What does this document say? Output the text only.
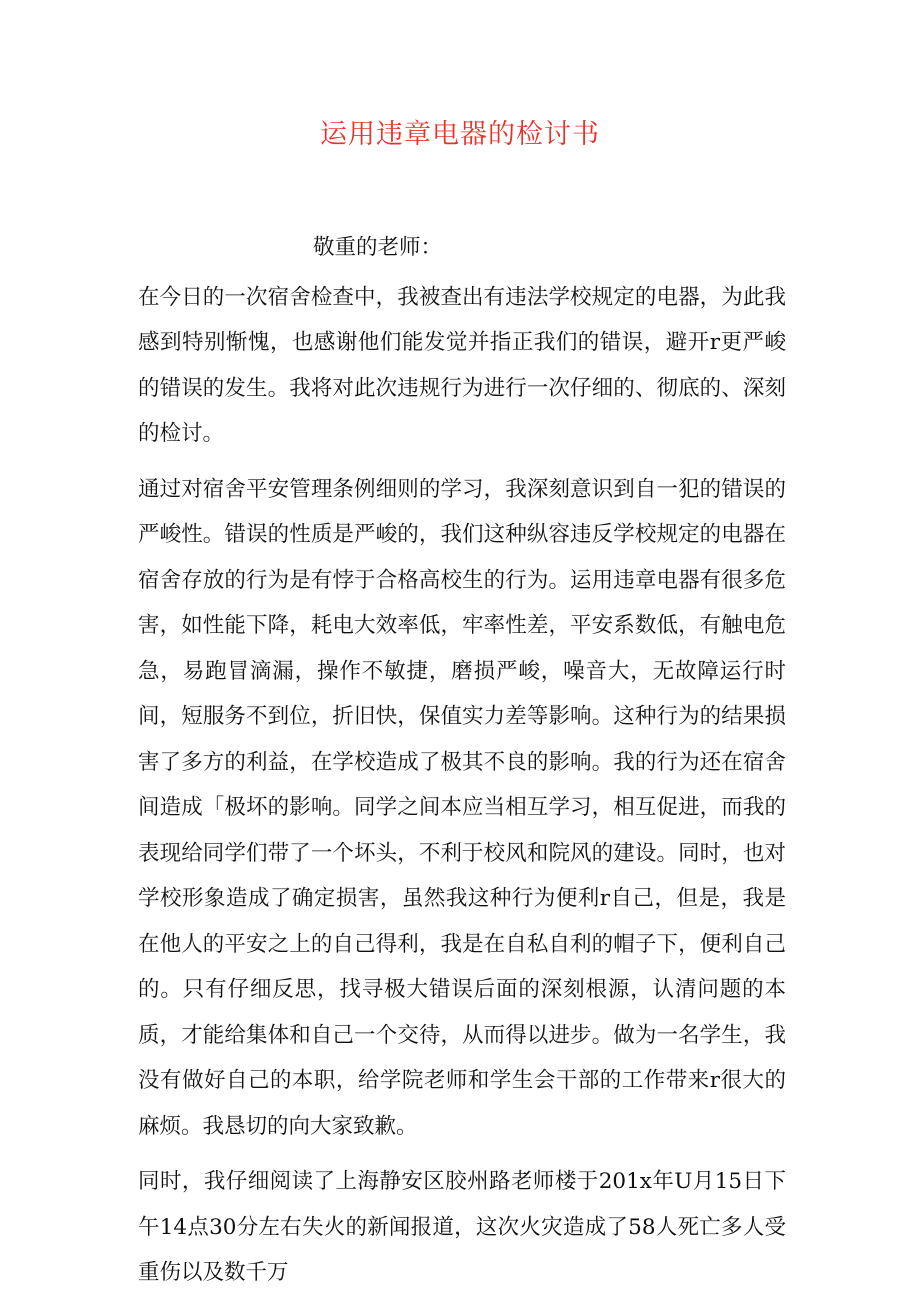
运用违章电器的检讨书
敬重的老师：

在今日的一次宿舍检查中，我被查出有违法学校规定的电器，为此我感到特别惭愧，也感谢他们能发觉并指正我们的错误，避开r更严峻的错误的发生。我将对此次违规行为进行一次仔细的、彻底的、深刻的检讨。

通过对宿舍平安管理条例细则的学习，我深刻意识到自一犯的错误的严峻性。错误的性质是严峻的，我们这种纵容违反学校规定的电器在宿舍存放的行为是有悖于合格高校生的行为。运用违章电器有很多危害，如性能下降，耗电大效率低，牢率性差，平安系数低，有触电危急，易跑冒滴漏，操作不敏捷，磨损严峻，噪音大，无故障运行时间，短服务不到位，折旧快，保值实力差等影响。这种行为的结果损害了多方的利益，在学校造成了极其不良的影响。我的行为还在宿舍间造成「极坏的影响。同学之间本应当相互学习，相互促进，而我的表现给同学们带了一个坏头，不利于校风和院风的建设。同时，也对学校形象造成了确定损害，虽然我这种行为便利r自己，但是，我是在他人的平安之上的自己得利，我是在自私自利的帽子下，便利自己的。只有仔细反思，找寻极大错误后面的深刻根源，认清问题的本质，才能给集体和自己一个交待，从而得以进步。做为一名学生，我没有做好自己的本职，给学院老师和学生会干部的工作带来r很大的麻烦。我恳切的向大家致歉。

同时，我仔细阅读了上海静安区胶州路老师楼于201x年U月15日下午14点30分左右失火的新闻报道，这次火灾造成了58人死亡多人受重伤以及数千万
